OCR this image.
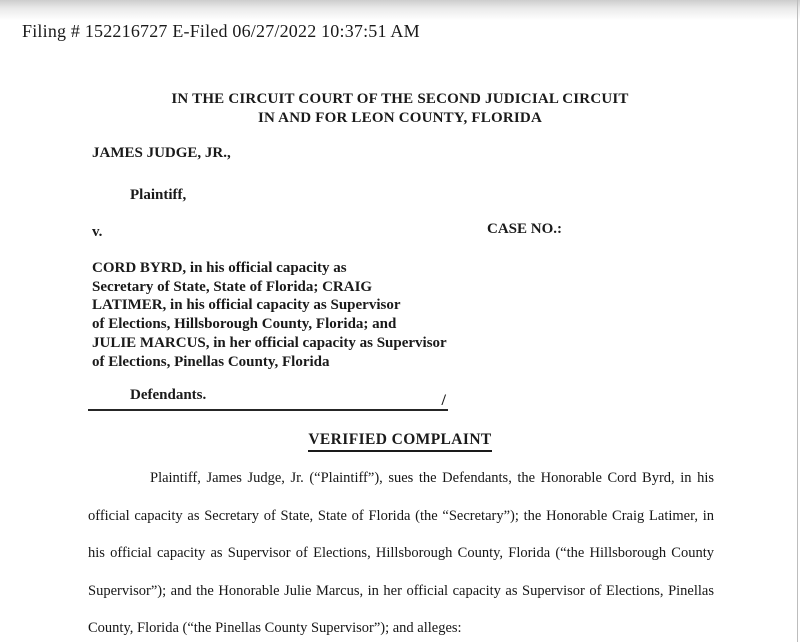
Filing # 152216727 E-Filed 06/27/2022 10:37:51 AM
IN THE CIRCUIT COURT OF THE SECOND JUDICIAL CIRCUIT
IN AND FOR LEON COUNTY, FLORIDA
JAMES JUDGE, JR.,
Plaintiff,
v.	CASE NO.:
CORD BYRD, in his official capacity as
Secretary of State, State of Florida; CRAIG
LATIMER, in his official capacity as Supervisor
of Elections, Hillsborough County, Florida; and
JULIE MARCUS, in her official capacity as Supervisor
of Elections, Pinellas County, Florida
Defendants.	/
VERIFIED COMPLAINT
Plaintiff, James Judge, Jr. (“Plaintiff”), sues the Defendants, the Honorable Cord Byrd, in his official capacity as Secretary of State, State of Florida (the “Secretary”); the Honorable Craig Latimer, in his official capacity as Supervisor of Elections, Hillsborough County, Florida (“the Hillsborough County Supervisor”); and the Honorable Julie Marcus, in her official capacity as Supervisor of Elections, Pinellas County, Florida (“the Pinellas County Supervisor”); and alleges:
